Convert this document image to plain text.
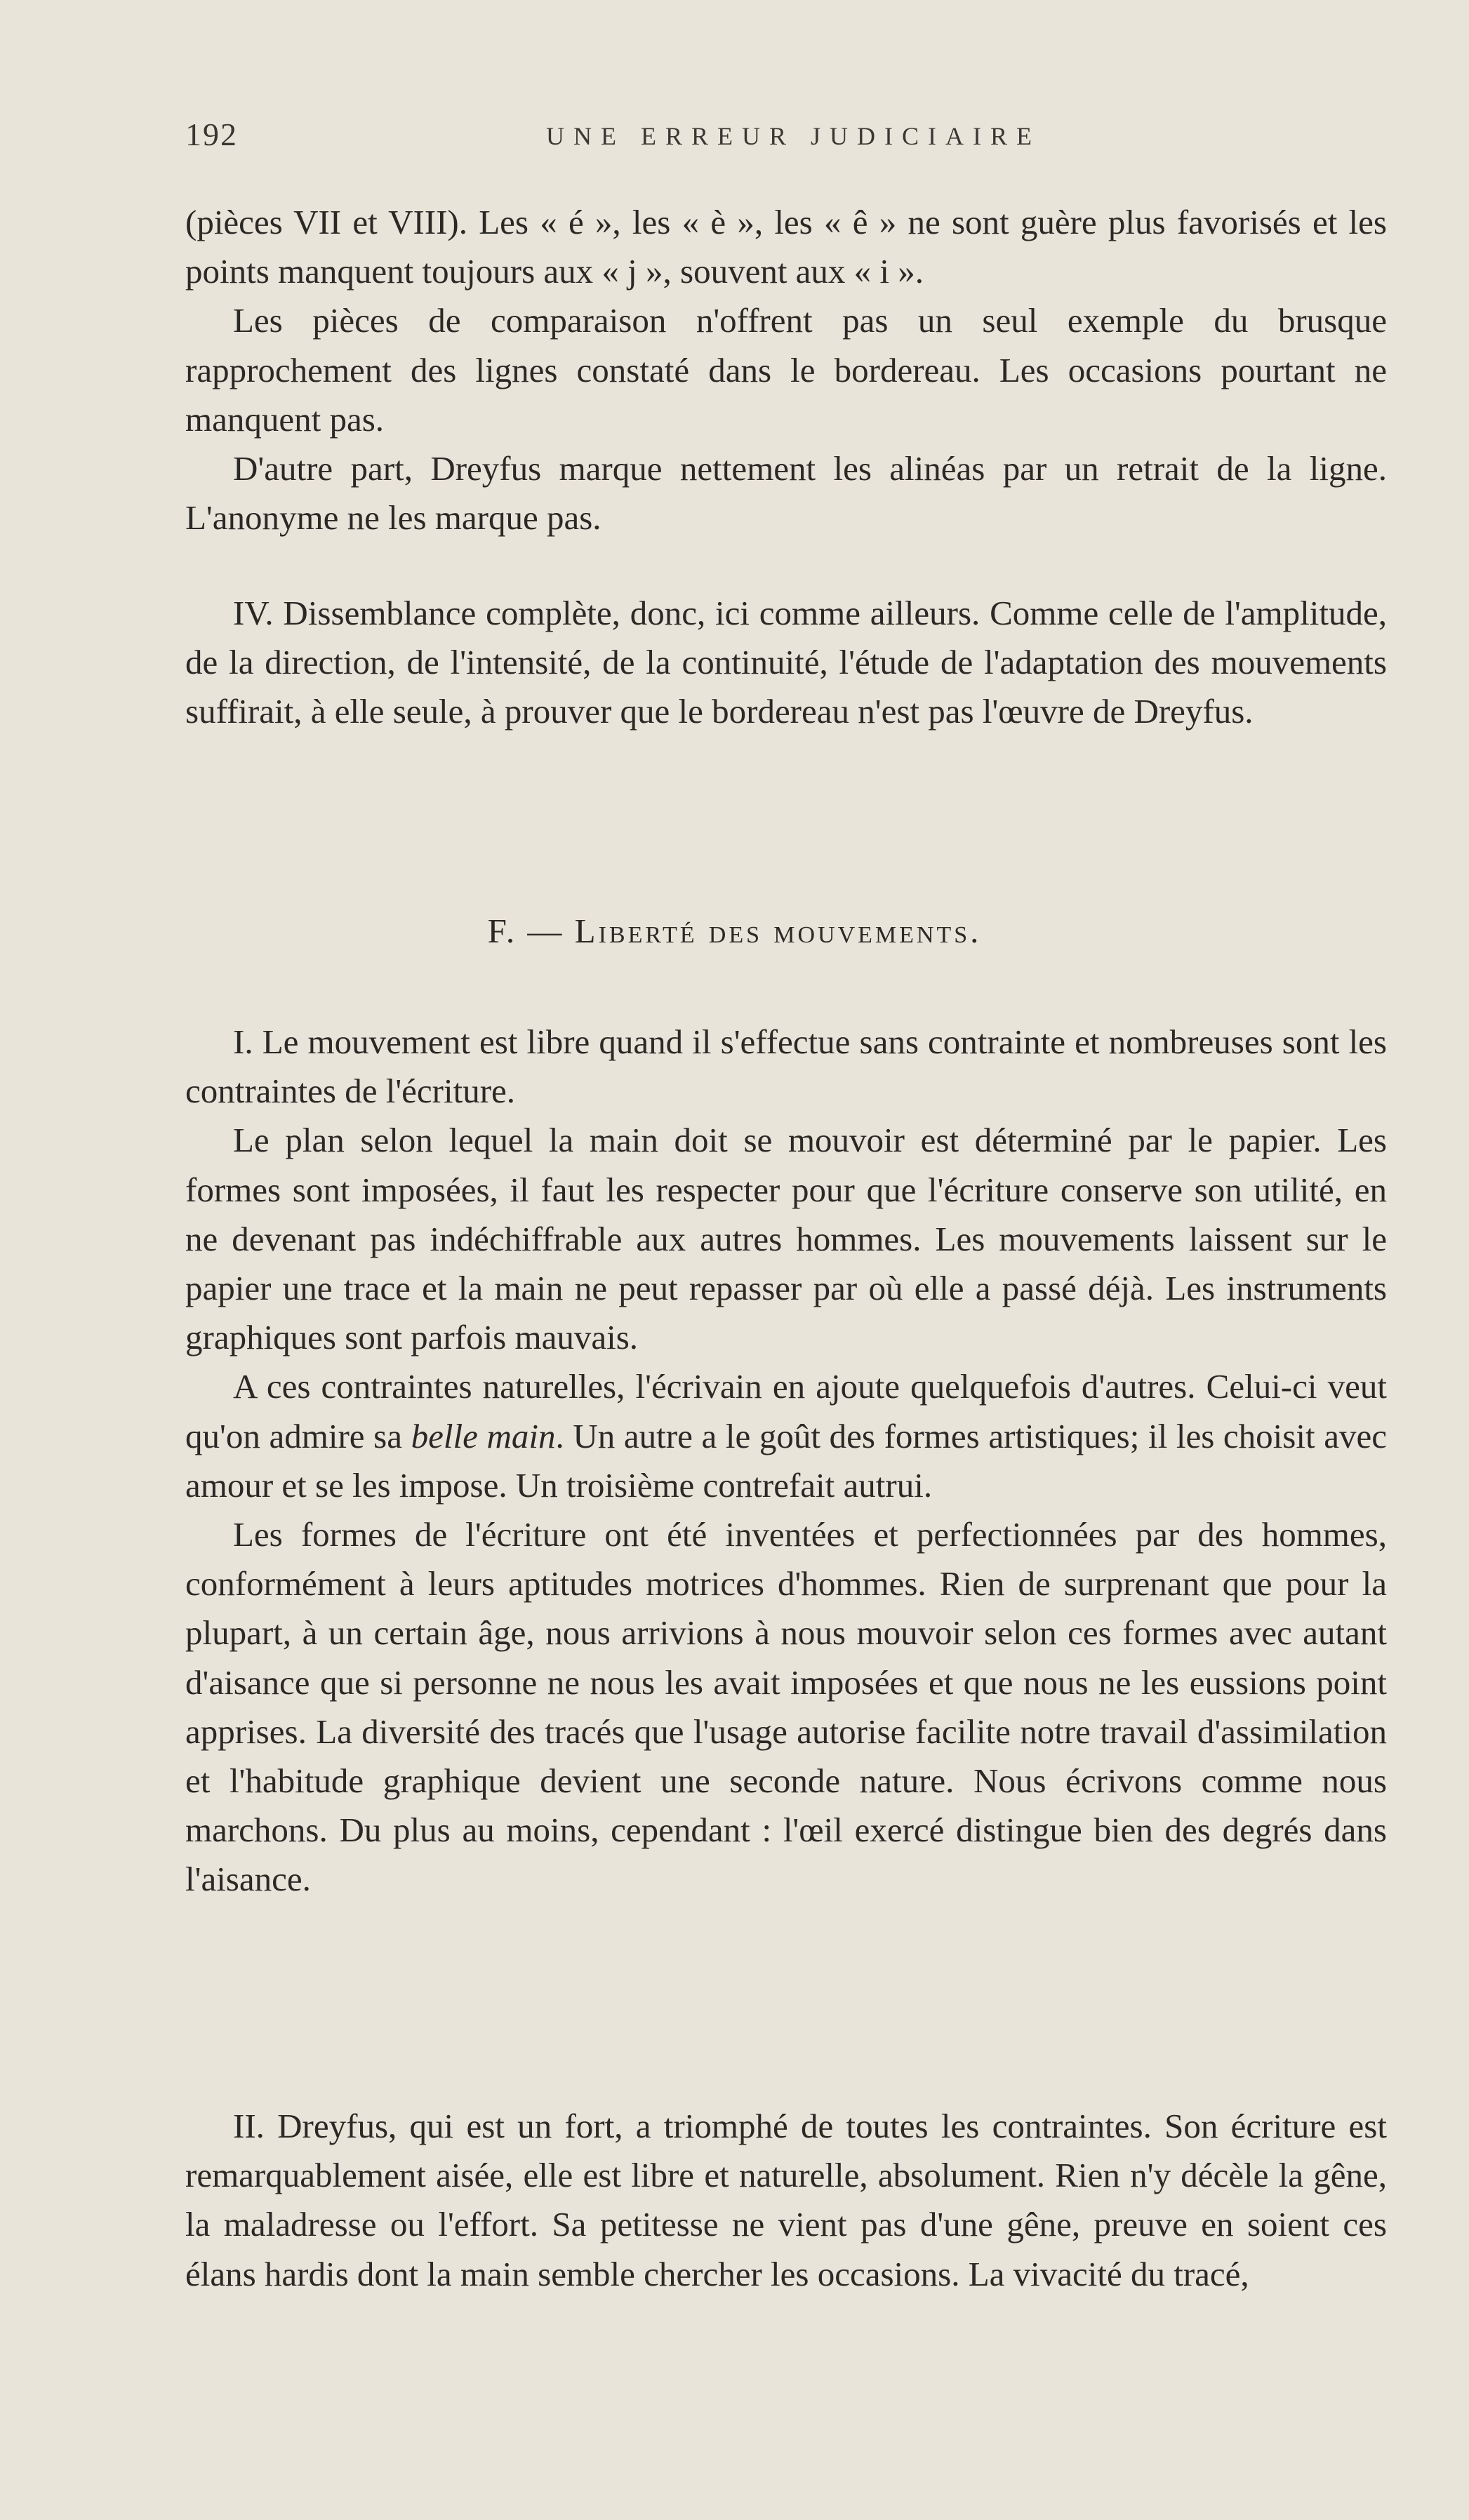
192	UNE ERREUR JUDICIAIRE

(pièces VII et VIII). Les « é », les « è », les « ê » ne sont guère plus favorisés et les points manquent toujours aux « j », souvent aux « i ».

Les pièces de comparaison n'offrent pas un seul exemple du brusque rapprochement des lignes constaté dans le bordereau. Les occasions pourtant ne manquent pas.

D'autre part, Dreyfus marque nettement les alinéas par un retrait de la ligne. L'anonyme ne les marque pas.

IV. Dissemblance complète, donc, ici comme ailleurs. Comme celle de l'amplitude, de la direction, de l'intensité, de la continuité, l'étude de l'adaptation des mouvements suffirait, à elle seule, à prouver que le bordereau n'est pas l'œuvre de Dreyfus.

F. — Liberté des mouvements.

I. Le mouvement est libre quand il s'effectue sans contrainte et nombreuses sont les contraintes de l'écriture.

Le plan selon lequel la main doit se mouvoir est déterminé par le papier. Les formes sont imposées, il faut les respecter pour que l'écriture conserve son utilité, en ne devenant pas indéchiffrable aux autres hommes. Les mouvements laissent sur le papier une trace et la main ne peut repasser par où elle a passé déjà. Les instruments graphiques sont parfois mauvais.

A ces contraintes naturelles, l'écrivain en ajoute quelquefois d'autres. Celui-ci veut qu'on admire sa belle main. Un autre a le goût des formes artistiques; il les choisit avec amour et se les impose. Un troisième contrefait autrui.

Les formes de l'écriture ont été inventées et perfectionnées par des hommes, conformément à leurs aptitudes motrices d'hommes. Rien de surprenant que pour la plupart, à un certain âge, nous arrivions à nous mouvoir selon ces formes avec autant d'aisance que si personne ne nous les avait imposées et que nous ne les eussions point apprises. La diversité des tracés que l'usage autorise facilite notre travail d'assimilation et l'habitude graphique devient une seconde nature. Nous écrivons comme nous marchons. Du plus au moins, cependant : l'œil exercé distingue bien des degrés dans l'aisance.

II. Dreyfus, qui est un fort, a triomphé de toutes les contraintes. Son écriture est remarquablement aisée, elle est libre et naturelle, absolument. Rien n'y décèle la gêne, la maladresse ou l'effort. Sa petitesse ne vient pas d'une gêne, preuve en soient ces élans hardis dont la main semble chercher les occasions. La vivacité du tracé,
